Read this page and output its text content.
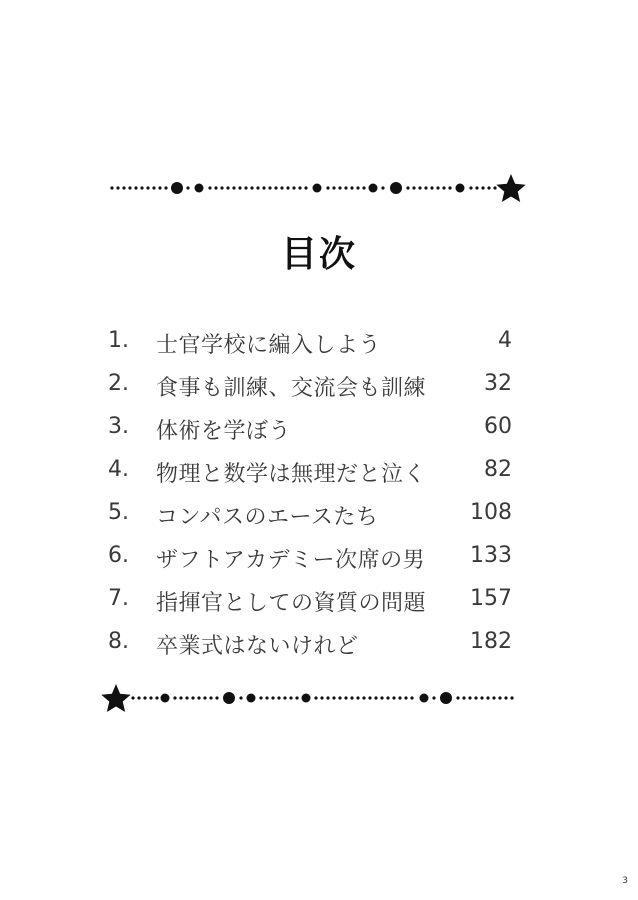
目次
1. 士官学校に編入しよう	4
2. 食事も訓練、交流会も訓練	32
3. 体術を学ぼう	60
4. 物理と数学は無理だと泣く	82
5. コンパスのエースたち	108
6. ザフトアカデミー次席の男 133
7. 指揮官としての資質の問題 157
8. 卒業式はないけれど	182
3
